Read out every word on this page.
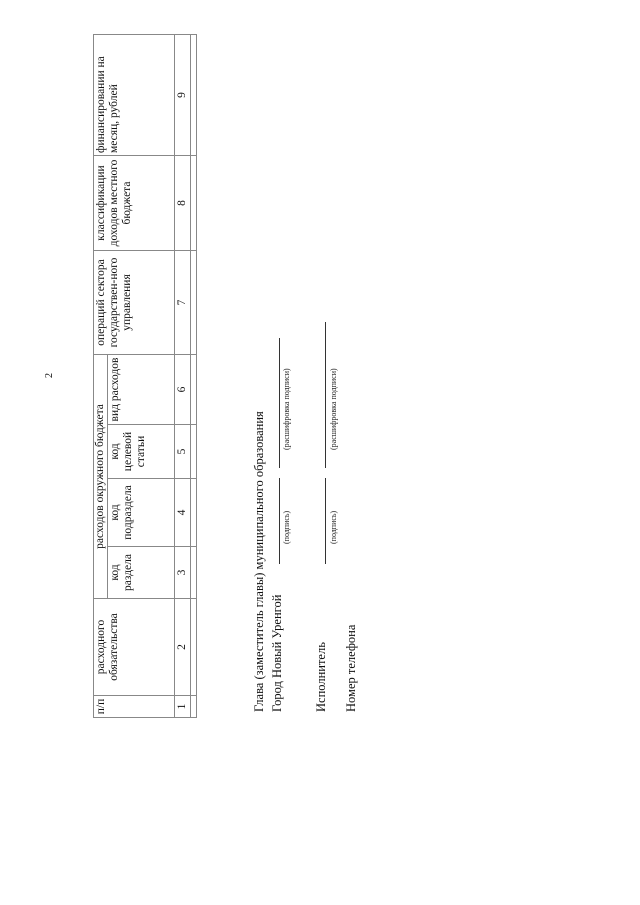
2
п/п	расходного обязательства	расходов окружного бюджета				операций сектора государствен-ного управления	классификации доходов местного бюджета	финансировании на месяц, рублей
		код раздела	код подраздела	код целевой статьи	вид расходов			
1	2	3	4	5	6	7	8	9

Глава (заместитель главы) муниципального образования Город Новый Уренгой
(подпись)
(расшифровка подписи)
Исполнитель
(подпись)
(расшифровка подписи)
Номер телефона
